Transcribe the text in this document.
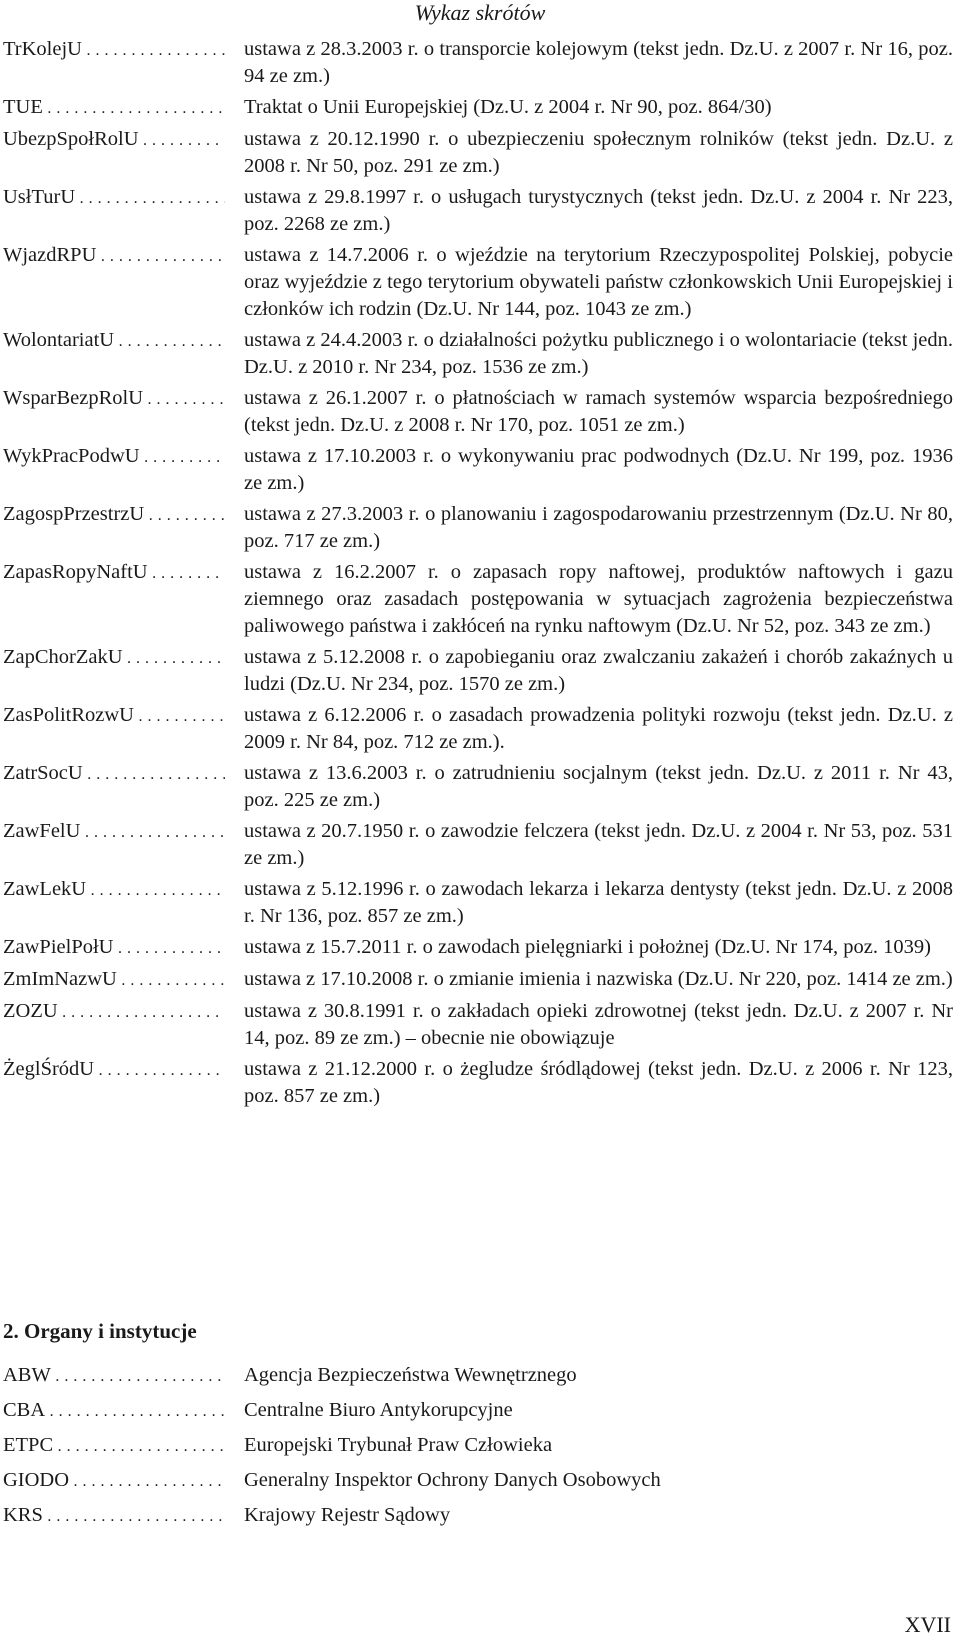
Wykaz skrótów
TrKolejU . . .	ustawa z 28.3.2003 r. o transporcie kolejowym (tekst jedn. Dz.U. z 2007 r. Nr 16, poz. 94 ze zm.)
TUE . . .	Traktat o Unii Europejskiej (Dz.U. z 2004 r. Nr 90, poz. 864/30)
UbezpSpołRolU . . .	ustawa z 20.12.1990 r. o ubezpieczeniu społecznym rolników (tekst jedn. Dz.U. z 2008 r. Nr 50, poz. 291 ze zm.)
UsłTurU . . .	ustawa z 29.8.1997 r. o usługach turystycznych (tekst jedn. Dz.U. z 2004 r. Nr 223, poz. 2268 ze zm.)
WjazdRPU . . .	ustawa z 14.7.2006 r. o wjeździe na terytorium Rzeczypospolitej Polskiej, pobycie oraz wyjeździe z tego terytorium obywateli państw członkowskich Unii Europejskiej i członków ich rodzin (Dz.U. Nr 144, poz. 1043 ze zm.)
WolontariatU . . .	ustawa z 24.4.2003 r. o działalności pożytku publicznego i o wolontariacie (tekst jedn. Dz.U. z 2010 r. Nr 234, poz. 1536 ze zm.)
WsparBezpRolU . . .	ustawa z 26.1.2007 r. o płatnościach w ramach systemów wsparcia bezpośredniego (tekst jedn. Dz.U. z 2008 r. Nr 170, poz. 1051 ze zm.)
WykPracPodwU . . .	ustawa z 17.10.2003 r. o wykonywaniu prac podwodnych (Dz.U. Nr 199, poz. 1936 ze zm.)
ZagospPrzestrzU . . .	ustawa z 27.3.2003 r. o planowaniu i zagospodarowaniu przestrzennym (Dz.U. Nr 80, poz. 717 ze zm.)
ZapasRopyNaftU . . .	ustawa z 16.2.2007 r. o zapasach ropy naftowej, produktów naftowych i gazu ziemnego oraz zasadach postępowania w sytuacjach zagrożenia bezpieczeństwa paliwowego państwa i zakłóceń na rynku naftowym (Dz.U. Nr 52, poz. 343 ze zm.)
ZapChorZakU . . .	ustawa z 5.12.2008 r. o zapobieganiu oraz zwalczaniu zakażeń i chorób zakaźnych u ludzi (Dz.U. Nr 234, poz. 1570 ze zm.)
ZasPolitRozwU . . .	ustawa z 6.12.2006 r. o zasadach prowadzenia polityki rozwoju (tekst jedn. Dz.U. z 2009 r. Nr 84, poz. 712 ze zm.).
ZatrSocU . . .	ustawa z 13.6.2003 r. o zatrudnieniu socjalnym (tekst jedn. Dz.U. z 2011 r. Nr 43, poz. 225 ze zm.)
ZawFelU . . .	ustawa z 20.7.1950 r. o zawodzie felczera (tekst jedn. Dz.U. z 2004 r. Nr 53, poz. 531 ze zm.)
ZawLekU . . .	ustawa z 5.12.1996 r. o zawodach lekarza i lekarza dentysty (tekst jedn. Dz.U. z 2008 r. Nr 136, poz. 857 ze zm.)
ZawPielPołU . . .	ustawa z 15.7.2011 r. o zawodach pielęgniarki i położnej (Dz.U. Nr 174, poz. 1039)
ZmImNazwU . . .	ustawa z 17.10.2008 r. o zmianie imienia i nazwiska (Dz.U. Nr 220, poz. 1414 ze zm.)
ZOZU . . .	ustawa z 30.8.1991 r. o zakładach opieki zdrowotnej (tekst jedn. Dz.U. z 2007 r. Nr 14, poz. 89 ze zm.) – obecnie nie obowiązuje
ŻeglŚródU . . .	ustawa z 21.12.2000 r. o żegludze śródlądowej (tekst jedn. Dz.U. z 2006 r. Nr 123, poz. 857 ze zm.)
2. Organy i instytucje
ABW . . .	Agencja Bezpieczeństwa Wewnętrznego
CBA . . .	Centralne Biuro Antykorupcyjne
ETPC . . .	Europejski Trybunał Praw Człowieka
GIODO . . .	Generalny Inspektor Ochrony Danych Osobowych
KRS . . .	Krajowy Rejestr Sądowy
XVII
